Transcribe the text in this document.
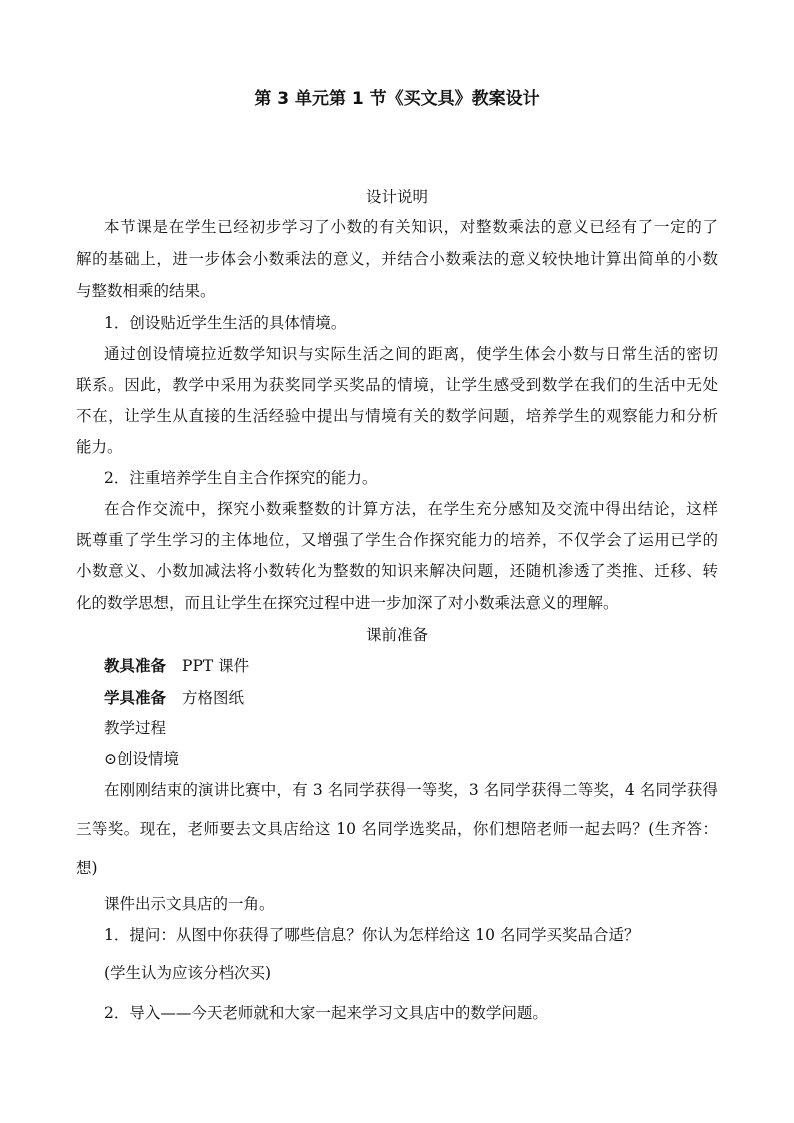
第 3 单元第 1 节《买文具》教案设计
设计说明
本节课是在学生已经初步学习了小数的有关知识，对整数乘法的意义已经有了一定的了
解的基础上，进一步体会小数乘法的意义，并结合小数乘法的意义较快地计算出简单的小数
与整数相乘的结果。
1．创设贴近学生生活的具体情境。
通过创设情境拉近数学知识与实际生活之间的距离，使学生体会小数与日常生活的密切
联系。因此，教学中采用为获奖同学买奖品的情境，让学生感受到数学在我们的生活中无处
不在，让学生从直接的生活经验中提出与情境有关的数学问题，培养学生的观察能力和分析
能力。
2．注重培养学生自主合作探究的能力。
在合作交流中，探究小数乘整数的计算方法，在学生充分感知及交流中得出结论，这样
既尊重了学生学习的主体地位，又增强了学生合作探究能力的培养，不仅学会了运用已学的
小数意义、小数加减法将小数转化为整数的知识来解决问题，还随机渗透了类推、迁移、转
化的数学思想，而且让学生在探究过程中进一步加深了对小数乘法意义的理解。
课前准备
教具准备 PPT 课件
学具准备 方格图纸
教学过程
⊙创设情境
在刚刚结束的演讲比赛中，有 3 名同学获得一等奖，3 名同学获得二等奖，4 名同学获得
三等奖。现在，老师要去文具店给这 10 名同学选奖品，你们想陪老师一起去吗？(生齐答：
想)
课件出示文具店的一角。
1．提问：从图中你获得了哪些信息？你认为怎样给这 10 名同学买奖品合适？
(学生认为应该分档次买)
2．导入——今天老师就和大家一起来学习文具店中的数学问题。
